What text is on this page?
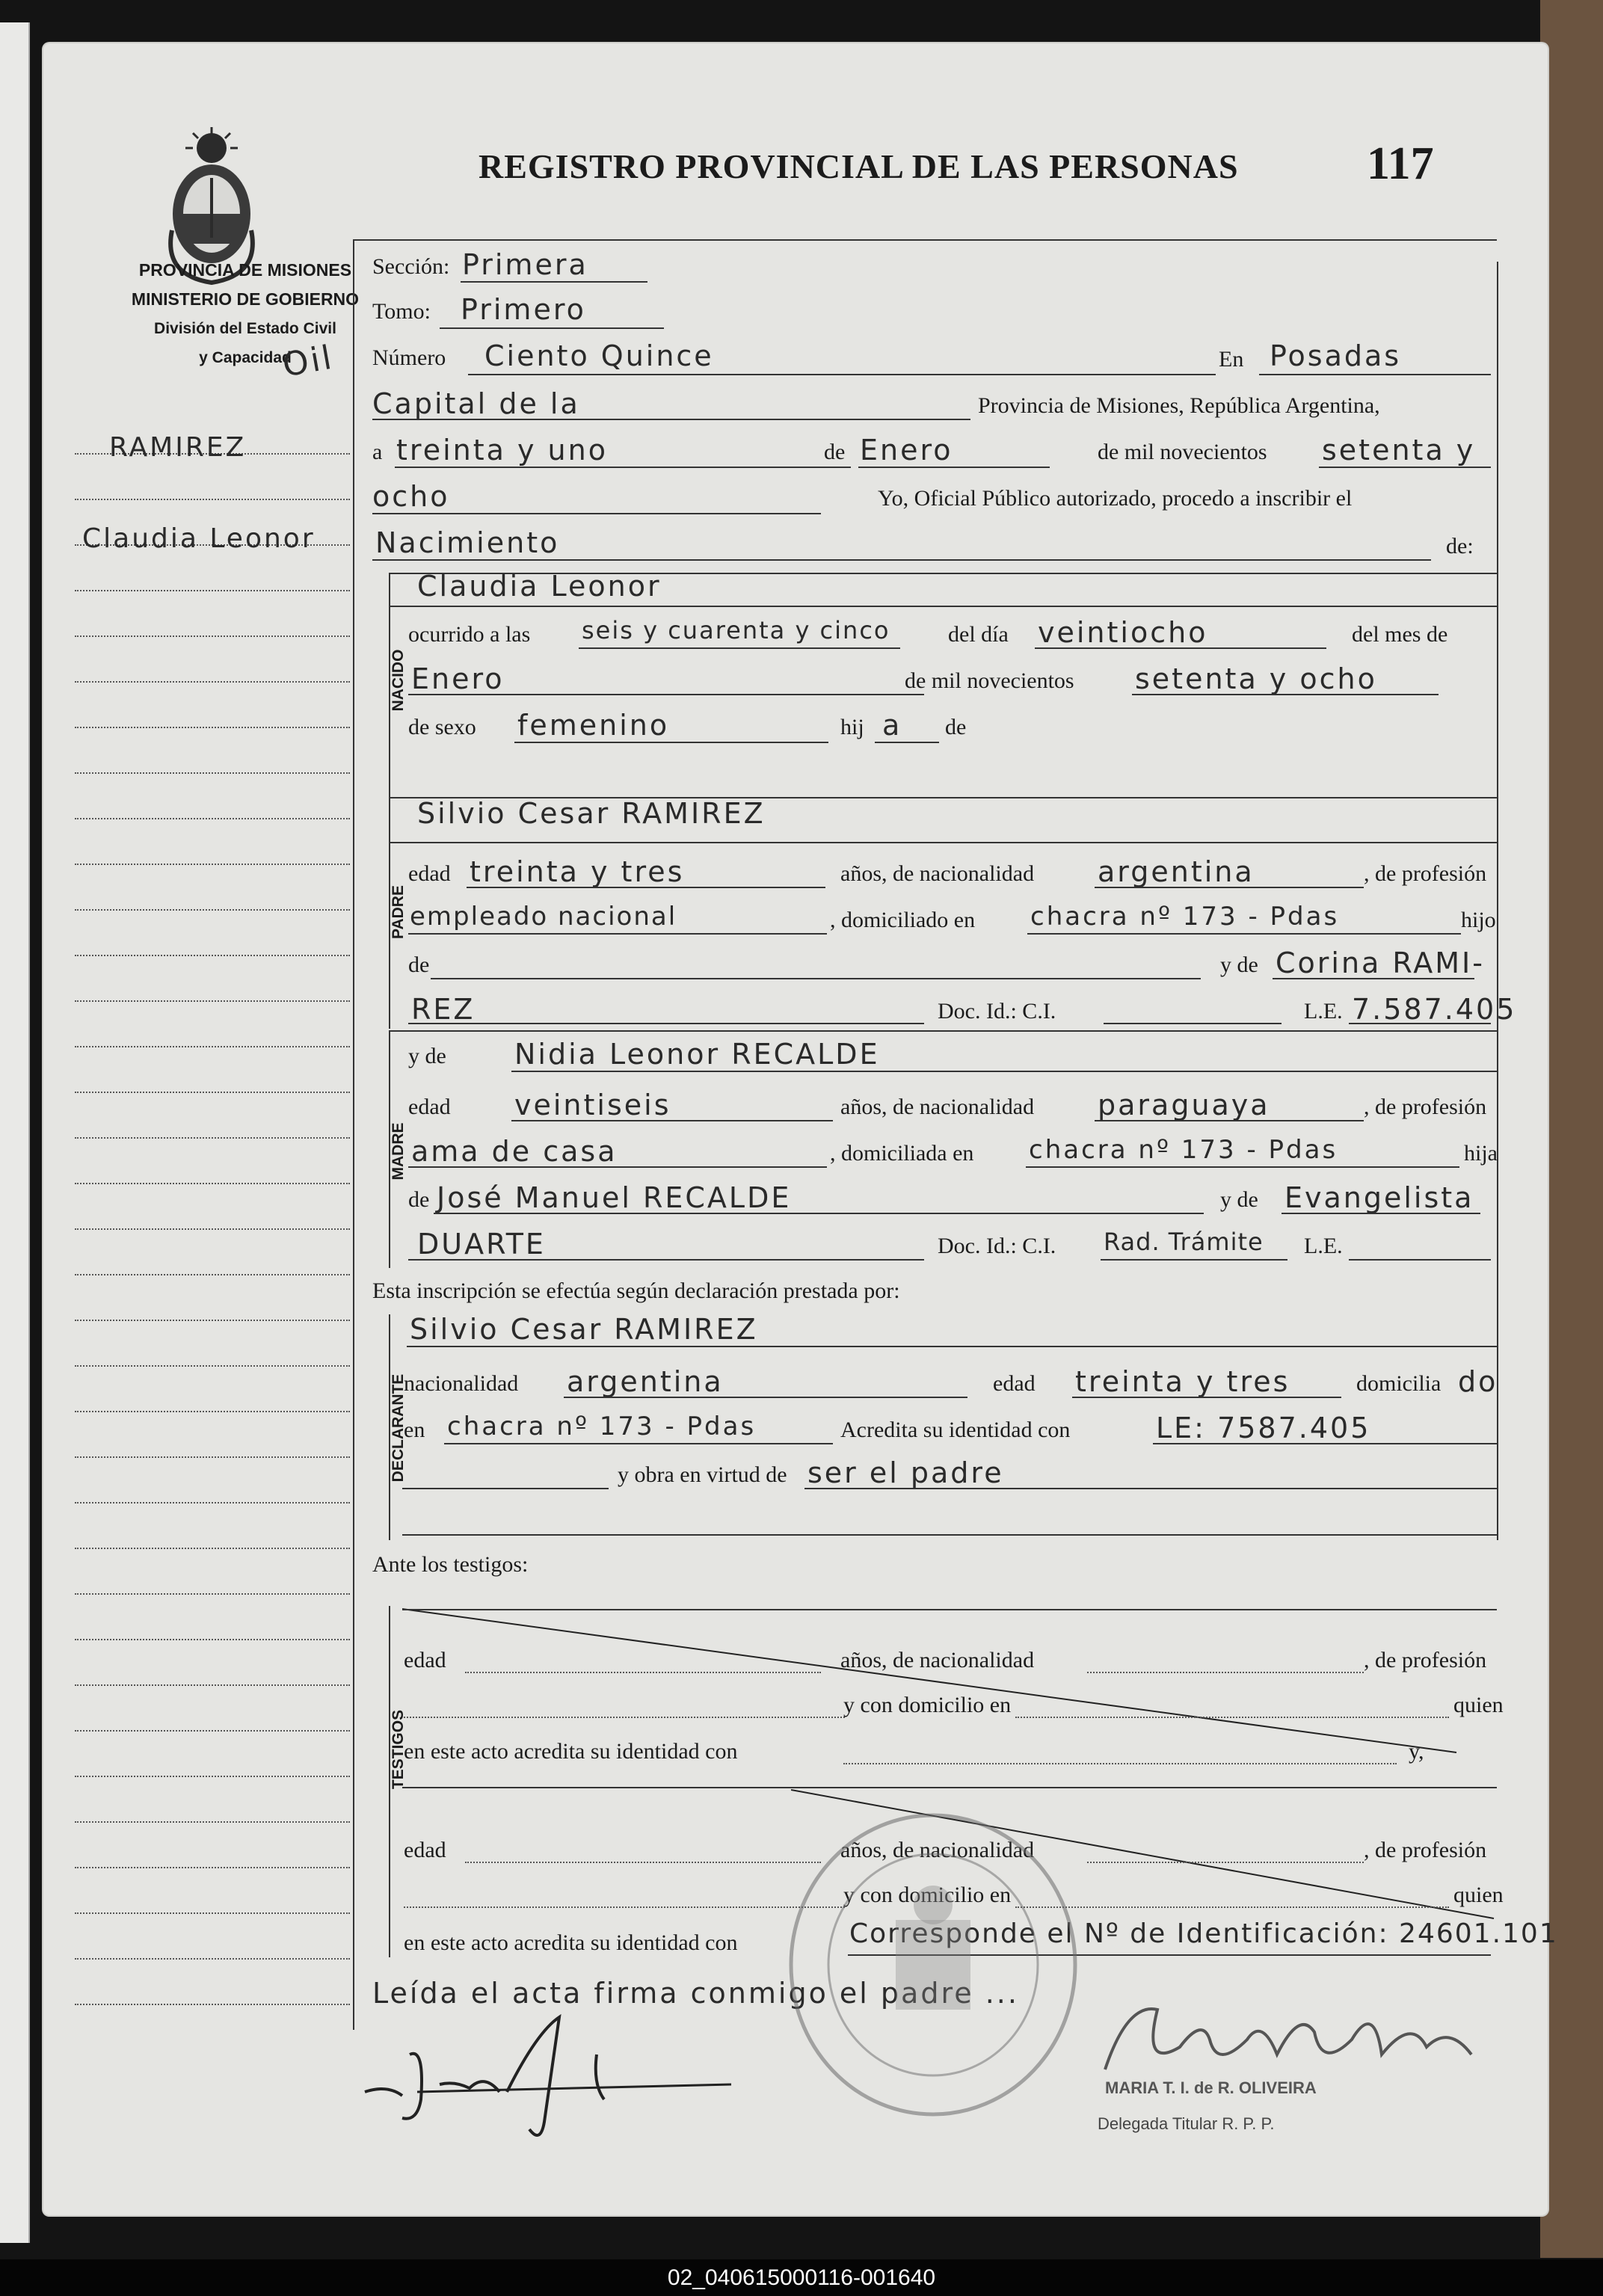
REGISTRO PROVINCIAL DE LAS PERSONAS	117
PROVINCIA DE MISIONES
MINISTERIO DE GOBIERNO
División del Estado Civil
y Capacidad
Oil
RAMIREZ
Claudia Leonor
Sección: Primera
Tomo: Primero
Número Ciento Quince	En Posadas
Capital de la	Provincia de Misiones, República Argentina,
a treinta y uno	de Enero	de mil novecientos setenta y
ocho	Yo, Oficial Público autorizado, procedo a inscribir el
Nacimiento	de:
NACIDO
Claudia Leonor
ocurrido a las seis y cuarenta y cinco	del día veintiocho	del mes de
Enero	de mil novecientos setenta y ocho
de sexo femenino	hij a de
PADRE
Silvio Cesar RAMIREZ
edad treinta y tres	años, de nacionalidad argentina	, de profesión
empleado nacional	, domiciliado en chacra nº 173 - Pdas	hijo
de	y de Corina RAMI-
REZ	Doc. Id.: C.I.	L.E. 7.587.405
MADRE
y de Nidia Leonor RECALDE
edad veintiseis	años, de nacionalidad paraguaya	, de profesión
ama de casa	, domiciliada en chacra nº 173 - Pdas	hija
de José Manuel RECALDE	y de Evangelista
DUARTE	Doc. Id.: C.I. Rad. Trámite L.E.
Esta inscripción se efectúa según declaración prestada por:
DECLARANTE
Silvio Cesar RAMIREZ
nacionalidad argentina	edad treinta y tres	domicilia do
en chacra nº 173 - Pdas	Acredita su identidad con	LE: 7587.405
y obra en virtud de ser el padre
Ante los testigos:
TESTIGOS
edad	años, de nacionalidad	, de profesión
y con domicilio en	quien
en este acto acredita su identidad con	y,
edad	años, de nacionalidad	, de profesión
y con domicilio en	quien
en este acto acredita su identidad con	Corresponde el Nº de Identificación: 24601.101
Leída el acta firma conmigo el padre ...
MARIA T. I. de R. OLIVEIRA
Delegada Titular R. P. P.
02_040615000116-001640
